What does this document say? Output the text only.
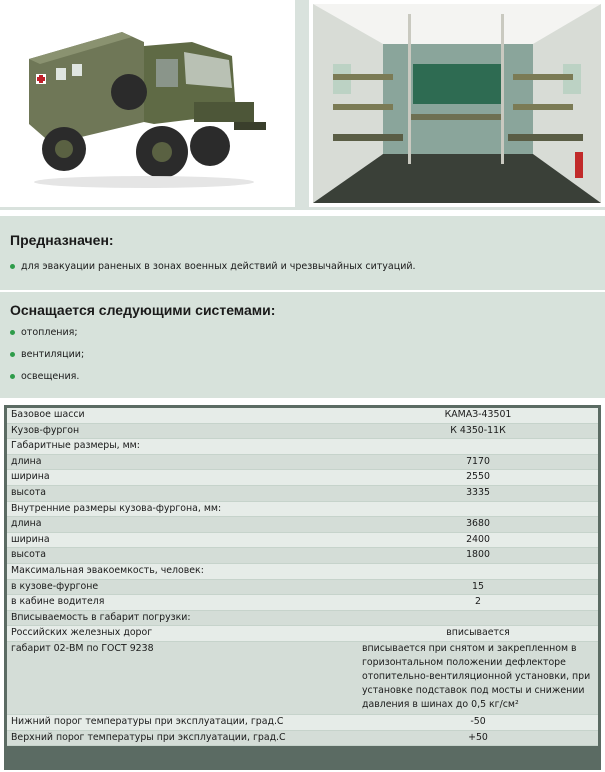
Предназначен:
для эвакуации раненых в зонах военных действий и чрезвычайных ситуаций.
Оснащается следующими системами:
отопления;
вентиляции;
освещения.
Базовое шасси	КАМАЗ-43501
Кузов-фургон	К 4350-11К
Габаритные размеры, мм:	
длина	7170
ширина	2550
высота	3335
Внутренние размеры кузова-фургона, мм:	
длина	3680
ширина	2400
высота	1800
Максимальная эвакоемкость, человек:	
в кузове-фургоне	15
в кабине водителя	2
Вписываемость в габарит погрузки:	
Российских железных дорог	вписывается
габарит 02-ВМ по ГОСТ 9238	вписывается при снятом и закрепленном в горизонтальном положении дефлекторе отопительно-вентиляционной установки, при установке подставок под мосты и снижении давления в шинах до 0,5 кг/см²
Нижний порог температуры при эксплуатации, град.С	-50
Верхний порог температуры при эксплуатации, град.С	+50
